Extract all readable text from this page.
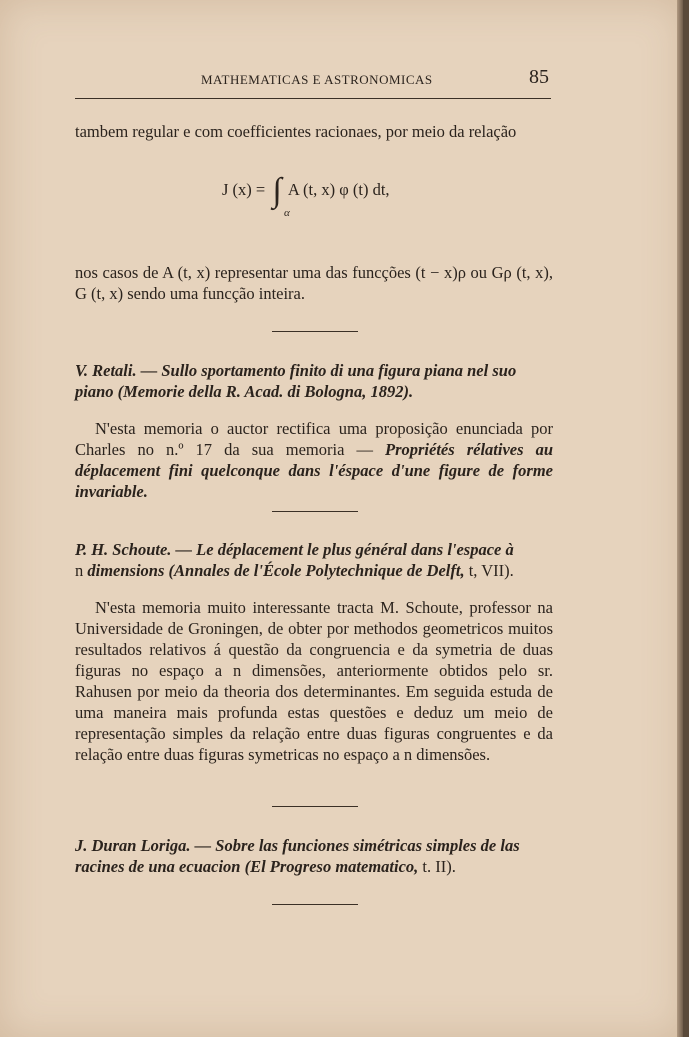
MATHEMATICAS E ASTRONOMICAS	85
tambem regular e com coefficientes racionaes, por meio da relação
J (x) = ∫ A (t, x) φ (t) dt,
α
nos casos de A (t, x) representar uma das funcções (t − x)ρ ou Gρ (t, x), G (t, x) sendo uma funcção inteira.
V. Retali. — Sullo sportamento finito di una figura piana nel suo piano (Memorie della R. Acad. di Bologna, 1892).
N'esta memoria o auctor rectifica uma proposição enunciada por Charles no n.º 17 da sua memoria — Propriétés rélatives au déplacement fini quelconque dans l'éspace d'une figure de forme invariable.
P. H. Schoute. — Le déplacement le plus général dans l'espace à
n dimensions (Annales de l'École Polytechnique de Delft, t, VII).
N'esta memoria muito interessante tracta M. Schoute, professor na Universidade de Groningen, de obter por methodos geometricos muitos resultados relativos á questão da congruencia e da symetria de duas figuras no espaço a n dimensões, anteriormente obtidos pelo sr. Rahusen por meio da theoria dos determinantes. Em seguida estuda de uma maneira mais profunda estas questões e deduz um meio de representação simples da relação entre duas figuras congruentes e da relação entre duas figuras symetricas no espaço a n dimensões.
J. Duran Loriga. — Sobre las funciones simétricas simples de las racines de una ecuacion (El Progreso matematico, t. II).
